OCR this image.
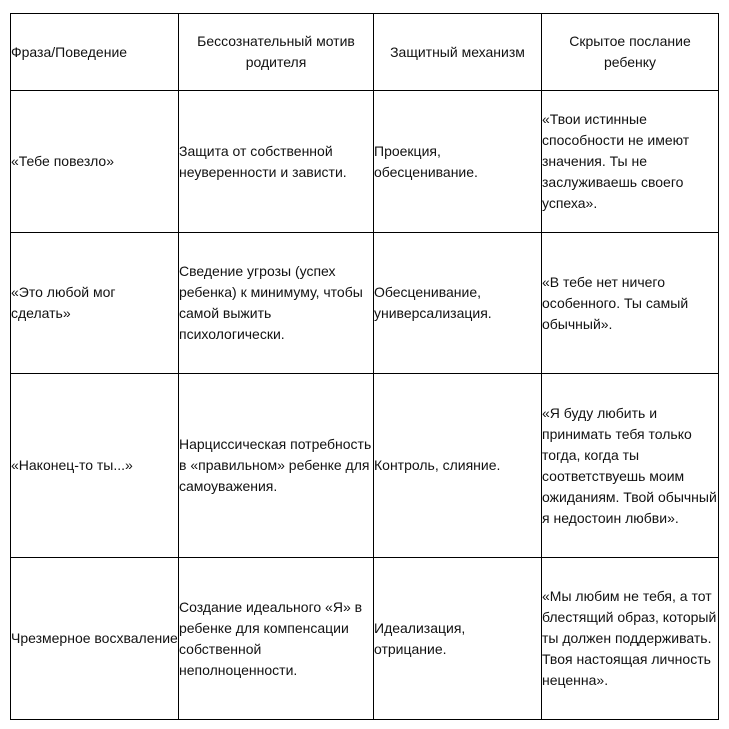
Фраза/Поведение	Бессознательный мотив родителя	Защитный механизм	Скрытое послание ребенку
«Тебе повезло»	Защита от собственной неуверенности и зависти.	Проекция, обесценивание.	«Твои истинные способности не имеют значения. Ты не заслуживаешь своего успеха».
«Это любой мог сделать»	Сведение угрозы (успех ребенка) к минимуму, чтобы самой выжить психологически.	Обесценивание, универсализация.	«В тебе нет ничего особенного. Ты самый обычный».
«Наконец-то ты...»	Нарциссическая потребность в «правильном» ребенке для самоуважения.	Контроль, слияние.	«Я буду любить и принимать тебя только тогда, когда ты соответствуешь моим ожиданиям. Твой обычный я недостоин любви».
Чрезмерное восхваление	Создание идеального «Я» в ребенке для компенсации собственной неполноценности.	Идеализация, отрицание.	«Мы любим не тебя, а тот блестящий образ, который ты должен поддерживать. Твоя настоящая личность неценна».
